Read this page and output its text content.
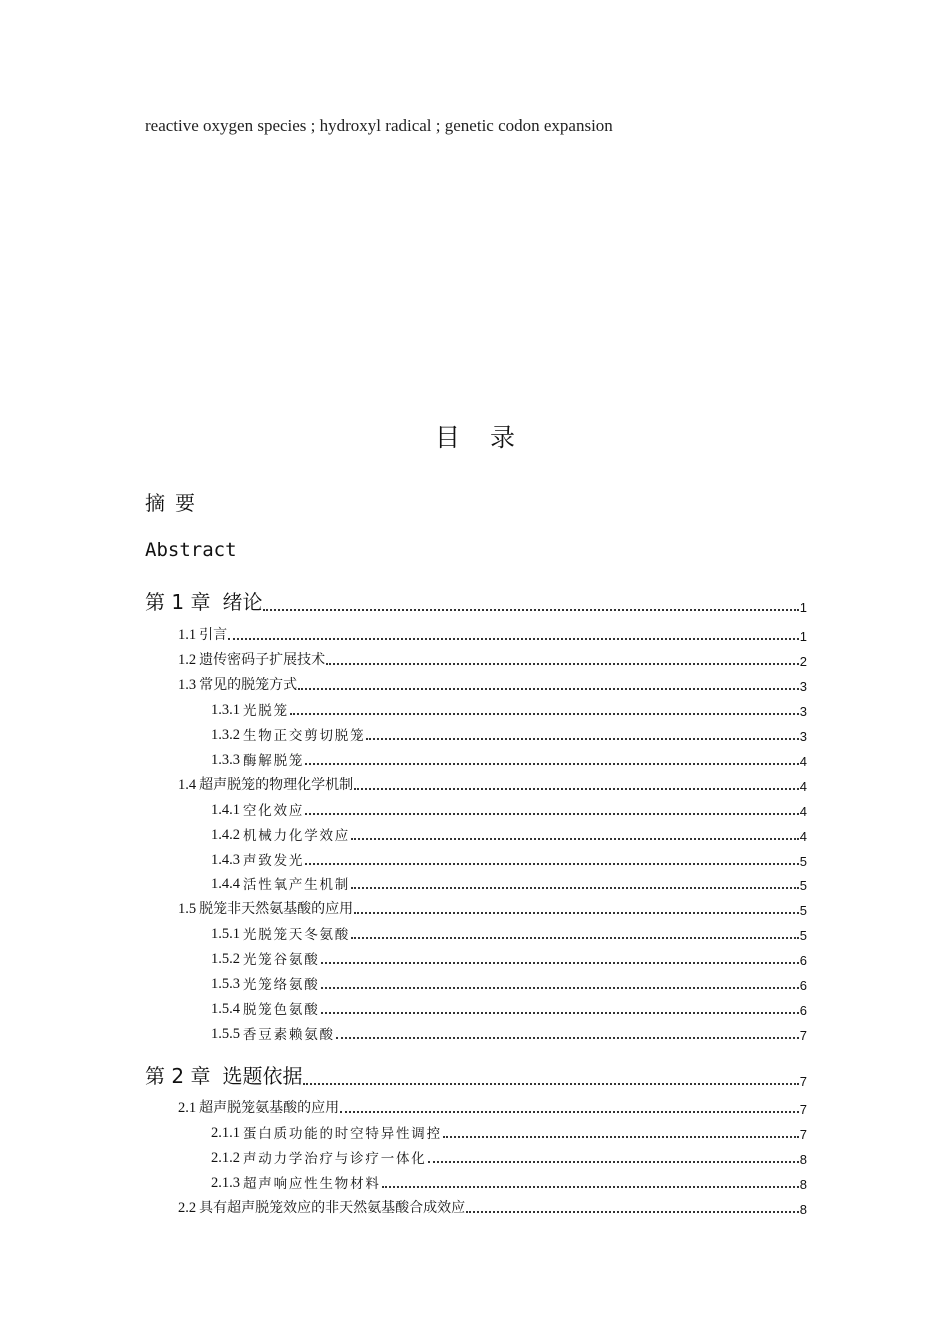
reactive oxygen species ; hydroxyl radical ; genetic codon expansion
目录
摘要
Abstract
第 1 章 绪论	1
1.1 引言	1
1.2 遗传密码子扩展技术	2
1.3 常见的脱笼方式	3
1.3.1 光脱笼	3
1.3.2 生物正交剪切脱笼	3
1.3.3 酶解脱笼	4
1.4 超声脱笼的物理化学机制	4
1.4.1 空化效应	4
1.4.2 机械力化学效应	4
1.4.3 声致发光	5
1.4.4 活性氧产生机制	5
1.5 脱笼非天然氨基酸的应用	5
1.5.1 光脱笼天冬氨酸	5
1.5.2 光笼谷氨酸	6
1.5.3 光笼络氨酸	6
1.5.4 脱笼色氨酸	6
1.5.5 香豆素赖氨酸	7
第 2 章 选题依据	7
2.1 超声脱笼氨基酸的应用	7
2.1.1 蛋白质功能的时空特异性调控	7
2.1.2 声动力学治疗与诊疗一体化	8
2.1.3 超声响应性生物材料	8
2.2 具有超声脱笼效应的非天然氨基酸合成效应	8
